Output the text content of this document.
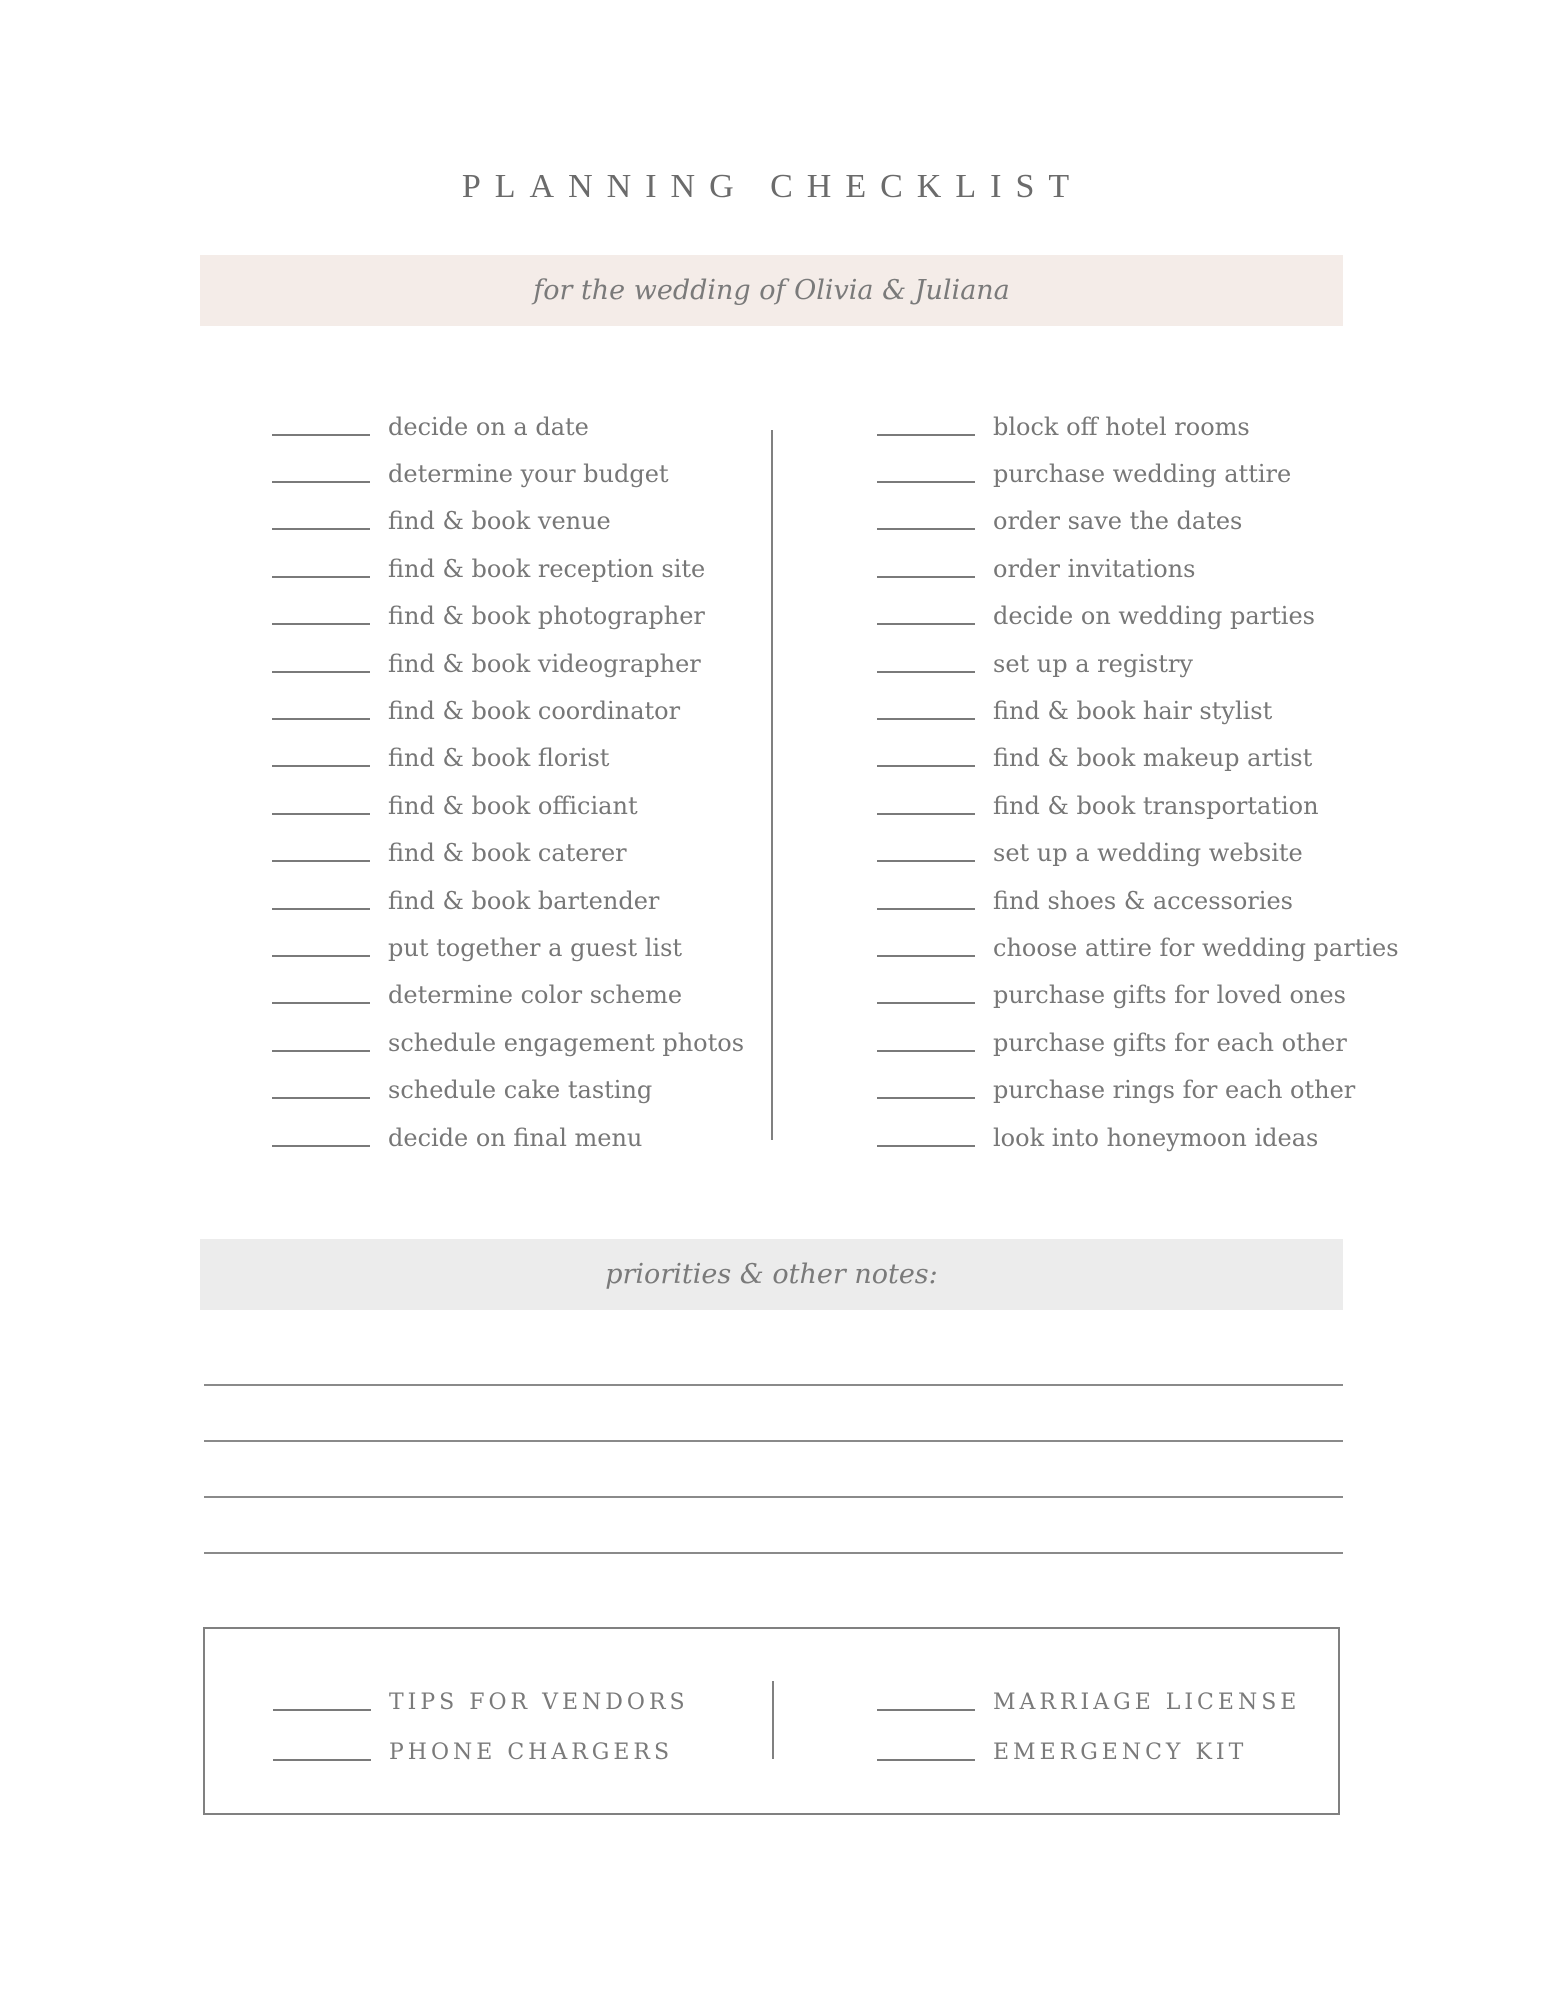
PLANNING CHECKLIST
for the wedding of Olivia & Juliana
decide on a date
determine your budget
find & book venue
find & book reception site
find & book photographer
find & book videographer
find & book coordinator
find & book florist
find & book officiant
find & book caterer
find & book bartender
put together a guest list
determine color scheme
schedule engagement photos
schedule cake tasting
decide on final menu
block off hotel rooms
purchase wedding attire
order save the dates
order invitations
decide on wedding parties
set up a registry
find & book hair stylist
find & book makeup artist
find & book transportation
set up a wedding website
find shoes & accessories
choose attire for wedding parties
purchase gifts for loved ones
purchase gifts for each other
purchase rings for each other
look into honeymoon ideas
priorities & other notes:
TIPS FOR VENDORS
PHONE CHARGERS
MARRIAGE LICENSE
EMERGENCY KIT
